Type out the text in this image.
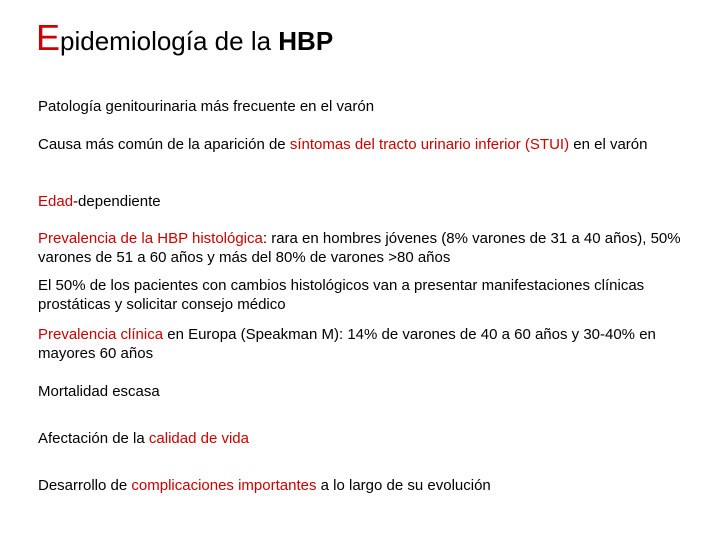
Epidemiología de la HBP
Patología genitourinaria más frecuente en el varón
Causa más común de la aparición de síntomas del tracto urinario inferior (STUI) en el varón
Edad-dependiente
Prevalencia de la HBP histológica: rara en hombres jóvenes (8% varones de 31 a 40 años), 50% varones de 51 a 60 años y más del 80% de varones >80 años
El 50% de los pacientes con cambios histológicos van a presentar manifestaciones clínicas prostáticas y solicitar consejo médico
Prevalencia clínica en Europa (Speakman M): 14% de varones de 40 a 60 años y 30-40% en mayores 60 años
Mortalidad escasa
Afectación de la calidad de vida
Desarrollo de complicaciones importantes a lo largo de su evolución
